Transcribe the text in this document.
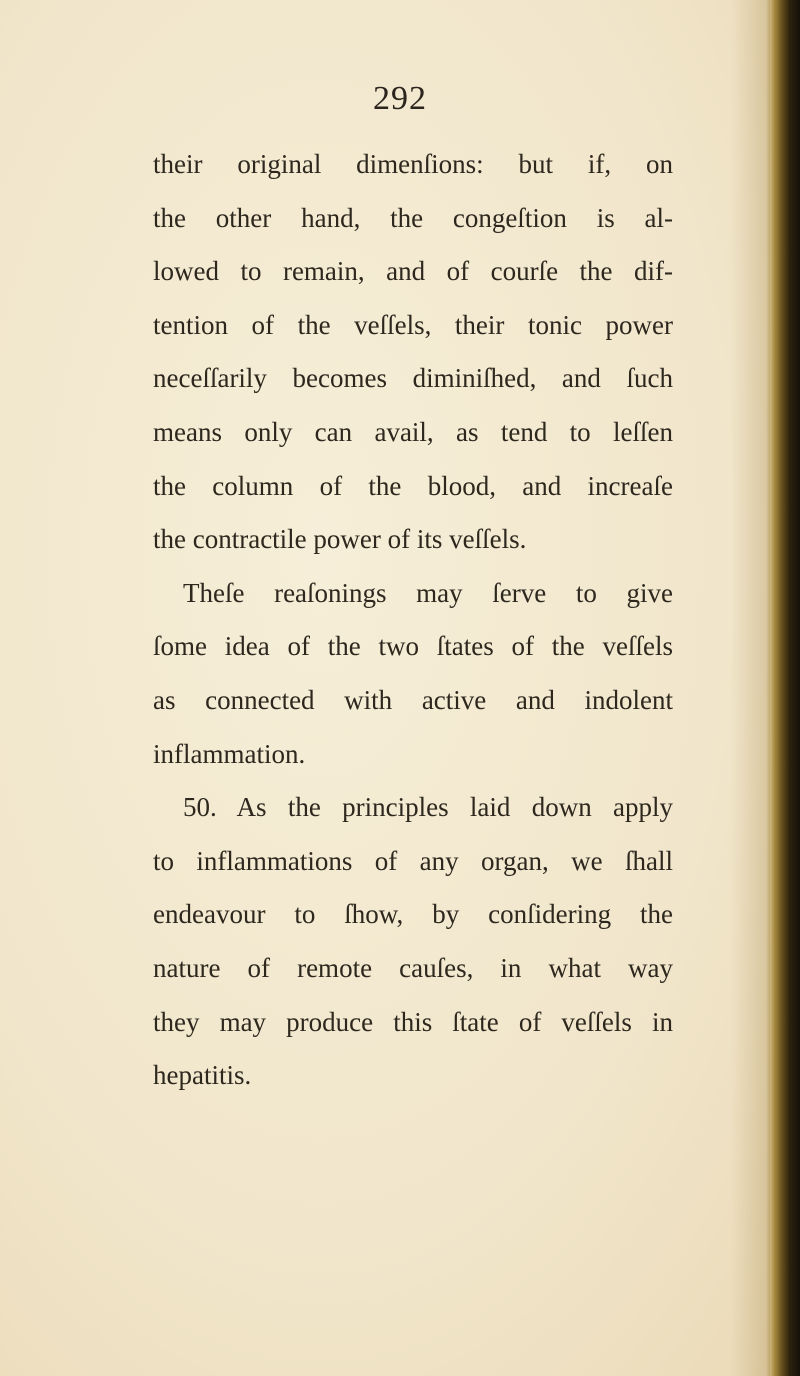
292
their original dimenſions: but if, on
the other hand, the congeſtion is al-
lowed to remain, and of courſe the dif-
tention of the veſſels, their tonic power
neceſſarily becomes diminiſhed, and ſuch
means only can avail, as tend to leſſen
the column of the blood, and increaſe
the contractile power of its veſſels.
Theſe reaſonings may ſerve to give
ſome idea of the two ſtates of the veſſels
as connected with active and indolent
inflammation.
50. As the principles laid down apply
to inflammations of any organ, we ſhall
endeavour to ſhow, by conſidering the
nature of remote cauſes, in what way
they may produce this ſtate of veſſels in
hepatitis.
